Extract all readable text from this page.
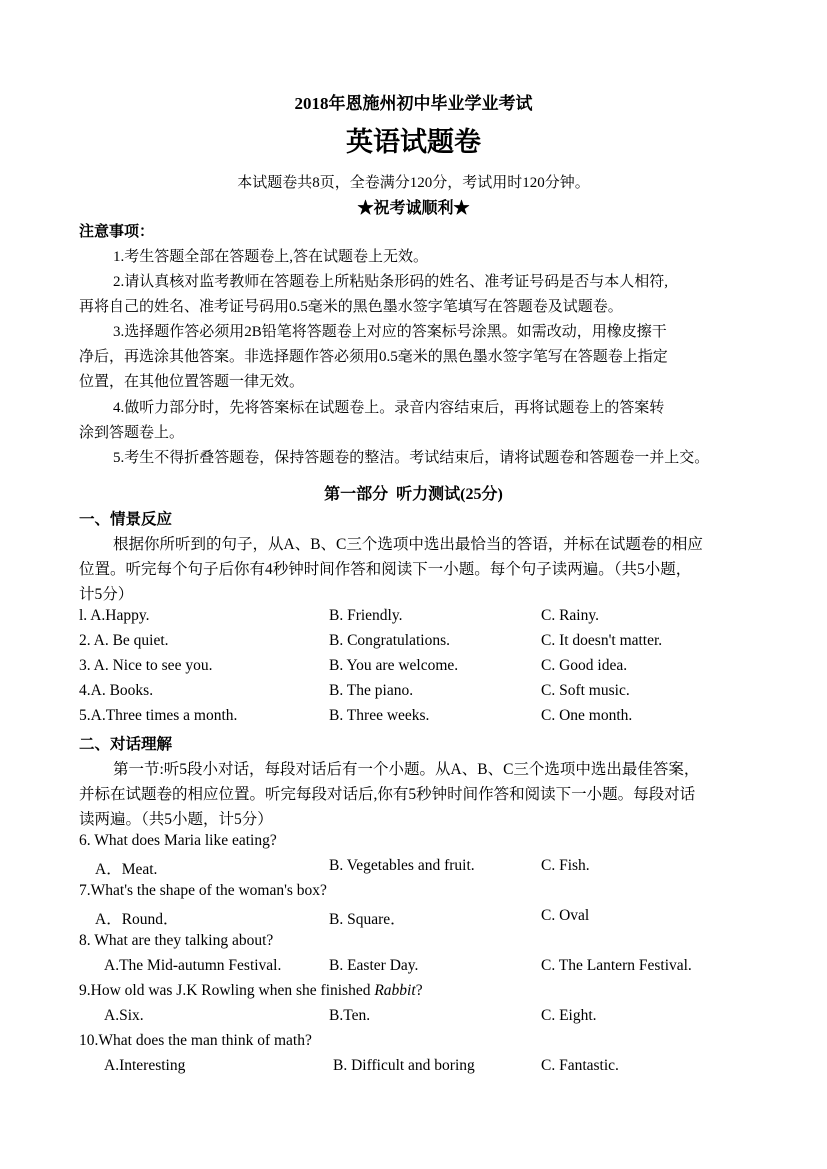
2018年恩施州初中毕业学业考试
英语试题卷
本试题卷共8页，全卷满分120分，考试用时120分钟。
★祝考诚顺利★
注意事项：
1.考生答题全部在答题卷上,答在试题卷上无效。
2.请认真核对监考教师在答题卷上所粘贴条形码的姓名、准考证号码是否与本人相符,
再将自己的姓名、准考证号码用0.5毫米的黑色墨水签字笔填写在答题卷及试题卷。
3.选择题作答必须用2B铅笔将答题卷上对应的答案标号涂黑。如需改动，用橡皮擦干
净后，再选涂其他答案。非选择题作答必须用0.5毫米的黑色墨水签字笔写在答题卷上指定
位置，在其他位置答题一律无效。
4.做听力部分时，先将答案标在试题卷上。录音内容结束后，再将试题卷上的答案转
涂到答题卷上。
5.考生不得折叠答题卷，保持答题卷的整洁。考试结束后，请将试题卷和答题卷一并上交。
第一部分  听力测试(25分)
一、情景反应
根据你所听到的句子，从A、B、C三个选项中选出最恰当的答语，并标在试题卷的相应
位置。听完每个句子后你有4秒钟时间作答和阅读下一小题。每个句子读两遍。（共5小题，
计5分）
l. A.Happy.	B. Friendly.	C. Rainy.
2. A. Be quiet.	B. Congratulations.	C. It doesn't matter.
3. A. Nice to see you.	B. You are welcome.	C. Good idea.
4.A. Books.	B. The piano.	C. Soft music.
5.A.Three times a month.	B. Three weeks.	C. One month.
二、对话理解
第一节:听5段小对话，每段对话后有一个小题。从A、B、C三个选项中选出最佳答案，
并标在试题卷的相应位置。听完每段对话后,你有5秒钟时间作答和阅读下一小题。每段对话
读两遍。（共5小题，计5分）
6. What does Maria like eating?
A．Meat.	B. Vegetables and fruit.	C. Fish.
7.What's the shape of the woman's box?
A．Round．	B. Square．	C. Oval
8. What are they talking about?
A.The Mid-autumn Festival.	B. Easter Day.	C. The Lantern Festival.
9.How old was J.K Rowling when she finished Rabbit?
A.Six.	B.Ten.	C. Eight.
10.What does the man think of math?
A.Interesting	B. Difficult and boring	C. Fantastic.
